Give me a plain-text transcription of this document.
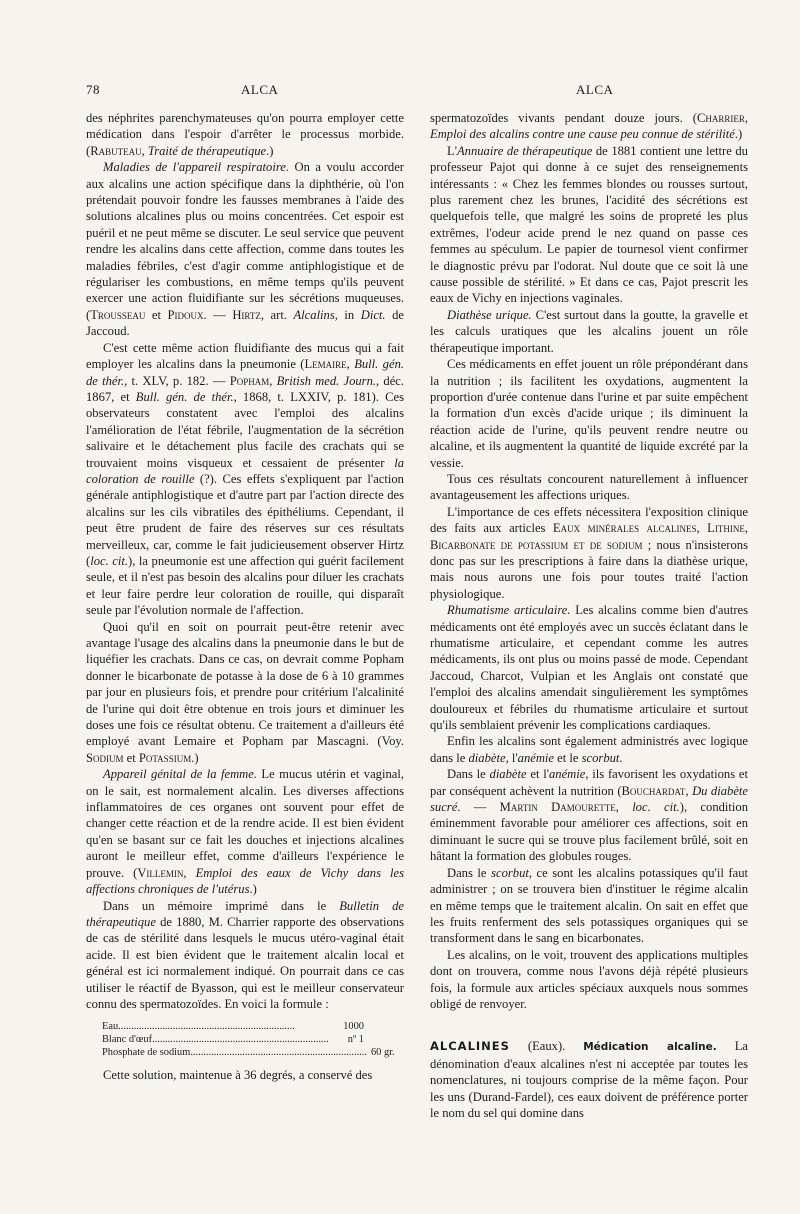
78	ALCA	ALCA

des néphrites parenchymateuses qu'on pourra employer cette médication dans l'espoir d'arrêter le processus morbide. (Rabuteau, Traité de thérapeutique.)

Maladies de l'appareil respiratoire. On a voulu accorder aux alcalins une action spécifique dans la diphthérie, où l'on prétendait pouvoir fondre les fausses membranes à l'aide des solutions alcalines plus ou moins concentrées. Cet espoir est puéril et ne peut même se discuter. Le seul service que peuvent rendre les alcalins dans cette affection, comme dans toutes les maladies fébriles, c'est d'agir comme antiphlogistique et de régulariser les combustions, en même temps qu'ils peuvent exercer une action fluidifiante sur les sécrétions muqueuses. (Trousseau et Pidoux. — Hirtz, art. Alcalins, in Dict. de Jaccoud.

C'est cette même action fluidifiante des mucus qui a fait employer les alcalins dans la pneumonie (Lemaire, Bull. gén. de thér., t. XLV, p. 182. — Popham, British med. Journ., déc. 1867, et Bull. gén. de thér., 1868, t. LXXIV, p. 181). Ces observateurs constatent avec l'emploi des alcalins l'amélioration de l'état fébrile, l'augmentation de la sécrétion salivaire et le détachement plus facile des crachats qui se trouvaient moins visqueux et cessaient de présenter la coloration de rouille (?). Ces effets s'expliquent par l'action générale antiphlogistique et d'autre part par l'action directe des alcalins sur les cils vibratiles des épithéliums. Cependant, il peut être prudent de faire des réserves sur ces résultats merveilleux, car, comme le fait judicieusement observer Hirtz (loc. cit.), la pneumonie est une affection qui guérit facilement seule, et il n'est pas besoin des alcalins pour diluer les crachats et leur faire perdre leur coloration de rouille, qui disparaît seule par l'évolution normale de l'affection.

Quoi qu'il en soit on pourrait peut-être retenir avec avantage l'usage des alcalins dans la pneumonie dans le but de liquéfier les crachats. Dans ce cas, on devrait comme Popham donner le bicarbonate de potasse à la dose de 6 à 10 grammes par jour en plusieurs fois, et prendre pour critérium l'alcalinité de l'urine qui doit être obtenue en trois jours et diminuer les doses une fois ce résultat obtenu. Ce traitement a d'ailleurs été employé avant Lemaire et Popham par Mascagni. (Voy. Sodium et Potassium.)

Appareil génital de la femme. Le mucus utérin et vaginal, on le sait, est normalement alcalin. Les diverses affections inflammatoires de ces organes ont souvent pour effet de changer cette réaction et de la rendre acide. Il est bien évident qu'en se basant sur ce fait les douches et injections alcalines auront le meilleur effet, comme d'ailleurs l'expérience le prouve. (Villemin, Emploi des eaux de Vichy dans les affections chroniques de l'utérus.)

Dans un mémoire imprimé dans le Bulletin de thérapeutique de 1880, M. Charrier rapporte des observations de cas de stérilité dans lesquels le mucus utéro-vaginal était acide. Il est bien évident que le traitement alcalin local et général est ici normalement indiqué. On pourrait dans ce cas utiliser le réactif de Byasson, qui est le meilleur conservateur connu des spermatozoïdes. En voici la formule :

Eau ....................................................................	1000
Blanc d'œuf ....................................................................	nº 1
Phosphate de sodium .................................................................... 60 gr.

Cette solution, maintenue à 36 degrés, a conservé des

spermatozoïdes vivants pendant douze jours. (Charrier, Emploi des alcalins contre une cause peu connue de stérilité.)

L'Annuaire de thérapeutique de 1881 contient une lettre du professeur Pajot qui donne à ce sujet des renseignements intéressants : « Chez les femmes blondes ou rousses surtout, plus rarement chez les brunes, l'acidité des sécrétions est quelquefois telle, que malgré les soins de propreté les plus extrêmes, l'odeur acide prend le nez quand on passe ces femmes au spéculum. Le papier de tournesol vient confirmer le diagnostic prévu par l'odorat. Nul doute que ce soit là une cause possible de stérilité. » Et dans ce cas, Pajot prescrit les eaux de Vichy en injections vaginales.

Diathèse urique. C'est surtout dans la goutte, la gravelle et les calculs uratiques que les alcalins jouent un rôle thérapeutique important.

Ces médicaments en effet jouent un rôle prépondérant dans la nutrition ; ils facilitent les oxydations, augmentent la proportion d'urée contenue dans l'urine et par suite empêchent la formation d'un excès d'acide urique ; ils diminuent la réaction acide de l'urine, qu'ils peuvent rendre neutre ou alcaline, et ils augmentent la quantité de liquide excrété par la vessie.

Tous ces résultats concourent naturellement à influencer avantageusement les affections uriques.

L'importance de ces effets nécessitera l'exposition clinique des faits aux articles Eaux minérales alcalines, Lithine, Bicarbonate de potassium et de sodium ; nous n'insisterons donc pas sur les prescriptions à faire dans la diathèse urique, mais nous aurons une fois pour toutes traité l'action physiologique.

Rhumatisme articulaire. Les alcalins comme bien d'autres médicaments ont été employés avec un succès éclatant dans le rhumatisme articulaire, et cependant comme les autres médicaments, ils ont plus ou moins passé de mode. Cependant Jaccoud, Charcot, Vulpian et les Anglais ont constaté que l'emploi des alcalins amendait singulièrement les symptômes douloureux et fébriles du rhumatisme articulaire et surtout qu'ils semblaient prévenir les complications cardiaques.

Enfin les alcalins sont également administrés avec logique dans le diabète, l'anémie et le scorbut.

Dans le diabète et l'anémie, ils favorisent les oxydations et par conséquent achèvent la nutrition (Bouchardat, Du diabète sucré. — Martin Damourette, loc. cit.), condition éminemment favorable pour améliorer ces affections, soit en diminuant le sucre qui se trouve plus facilement brûlé, soit en hâtant la formation des globules rouges.

Dans le scorbut, ce sont les alcalins potassiques qu'il faut administrer ; on se trouvera bien d'instituer le régime alcalin en même temps que le traitement alcalin. On sait en effet que les fruits renferment des sels potassiques organiques qui se transforment dans le sang en bicarbonates.

Les alcalins, on le voit, trouvent des applications multiples dont on trouvera, comme nous l'avons déjà répété plusieurs fois, la formule aux articles spéciaux auxquels nous sommes obligé de renvoyer.

ALCALINES (Eaux). Médication alcaline. La dénomination d'eaux alcalines n'est ni acceptée par toutes les nomenclatures, ni toujours comprise de la même façon. Pour les uns (Durand-Fardel), ces eaux doivent de préférence porter le nom du sel qui domine dans
